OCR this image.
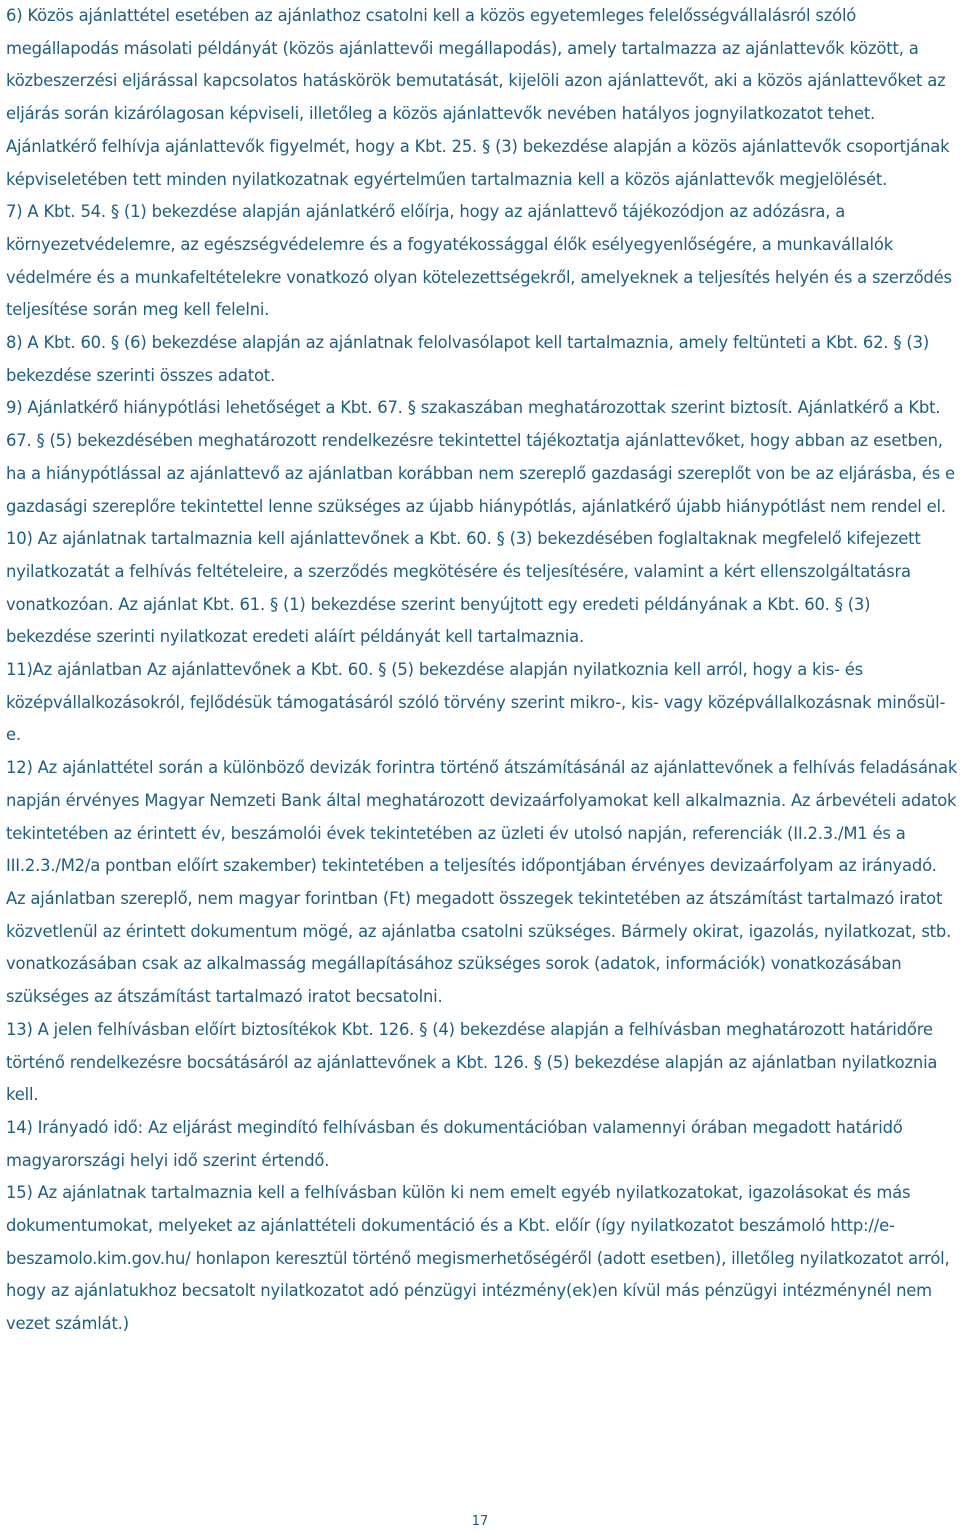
6) Közös ajánlattétel esetében az ajánlathoz csatolni kell a közös egyetemleges felelősségvállalásról szóló megállapodás másolati példányát (közös ajánlattevői megállapodás), amely tartalmazza az ajánlattevők között, a közbeszerzési eljárással kapcsolatos hatáskörök bemutatását, kijelöli azon ajánlattevőt, aki a közös ajánlattevőket az eljárás során kizárólagosan képviseli, illetőleg a közös ajánlattevők nevében hatályos jognyilatkozatot tehet. Ajánlatkérő felhívja ajánlattevők figyelmét, hogy a Kbt. 25. § (3) bekezdése alapján a közös ajánlattevők csoportjának képviseletében tett minden nyilatkozatnak egyértelműen tartalmaznia kell a közös ajánlattevők megjelölését.

7) A Kbt. 54. § (1) bekezdése alapján ajánlatkérő előírja, hogy az ajánlattevő tájékozódjon az adózásra, a környezetvédelemre, az egészségvédelemre és a fogyatékossággal élők esélyegyenlőségére, a munkavállalók védelmére és a munkafeltételekre vonatkozó olyan kötelezettségekről, amelyeknek a teljesítés helyén és a szerződés teljesítése során meg kell felelni.

8) A Kbt. 60. § (6) bekezdése alapján az ajánlatnak felolvasólapot kell tartalmaznia, amely feltünteti a Kbt. 62. § (3) bekezdése szerinti összes adatot.

9) Ajánlatkérő hiánypótlási lehetőséget a Kbt. 67. § szakaszában meghatározottak szerint biztosít. Ajánlatkérő a Kbt. 67. § (5) bekezdésében meghatározott rendelkezésre tekintettel tájékoztatja ajánlattevőket, hogy abban az esetben, ha a hiánypótlással az ajánlattevő az ajánlatban korábban nem szereplő gazdasági szereplőt von be az eljárásba, és e gazdasági szereplőre tekintettel lenne szükséges az újabb hiánypótlás, ajánlatkérő újabb hiánypótlást nem rendel el.

10) Az ajánlatnak tartalmaznia kell ajánlattevőnek a Kbt. 60. § (3) bekezdésében foglaltaknak megfelelő kifejezett nyilatkozatát a felhívás feltételeire, a szerződés megkötésére és teljesítésére, valamint a kért ellenszolgáltatásra vonatkozóan. Az ajánlat Kbt. 61. § (1) bekezdése szerint benyújtott egy eredeti példányának a Kbt. 60. § (3) bekezdése szerinti nyilatkozat eredeti aláírt példányát kell tartalmaznia.

11)Az ajánlatban Az ajánlattevőnek a Kbt. 60. § (5) bekezdése alapján nyilatkoznia kell arról, hogy a kis- és középvállalkozásokról, fejlődésük támogatásáról szóló törvény szerint mikro-, kis- vagy középvállalkozásnak minősül-e.

12) Az ajánlattétel során a különböző devizák forintra történő átszámításánál az ajánlattevőnek a felhívás feladásának napján érvényes Magyar Nemzeti Bank által meghatározott devizaárfolyamokat kell alkalmaznia. Az árbevételi adatok tekintetében az érintett év, beszámolói évek tekintetében az üzleti év utolsó napján, referenciák (II.2.3./M1 és a III.2.3./M2/a pontban előírt szakember) tekintetében a teljesítés időpontjában érvényes devizaárfolyam az irányadó. Az ajánlatban szereplő, nem magyar forintban (Ft) megadott összegek tekintetében az átszámítást tartalmazó iratot közvetlenül az érintett dokumentum mögé, az ajánlatba csatolni szükséges. Bármely okirat, igazolás, nyilatkozat, stb. vonatkozásában csak az alkalmasság megállapításához szükséges sorok (adatok, információk) vonatkozásában szükséges az átszámítást tartalmazó iratot becsatolni.

13) A jelen felhívásban előírt biztosítékok Kbt. 126. § (4) bekezdése alapján a felhívásban meghatározott határidőre történő rendelkezésre bocsátásáról az ajánlattevőnek a Kbt. 126. § (5) bekezdése alapján az ajánlatban nyilatkoznia kell.

14) Irányadó idő: Az eljárást megindító felhívásban és dokumentációban valamennyi órában megadott határidő magyarországi helyi idő szerint értendő.

15) Az ajánlatnak tartalmaznia kell a felhívásban külön ki nem emelt egyéb nyilatkozatokat, igazolásokat és más dokumentumokat, melyeket az ajánlattételi dokumentáció és a Kbt. előír (így nyilatkozatot beszámoló http://e-beszamolo.kim.gov.hu/ honlapon keresztül történő megismerhetőségéről (adott esetben), illetőleg nyilatkozatot arról, hogy az ajánlatukhoz becsatolt nyilatkozatot adó pénzügyi intézmény(ek)en kívül más pénzügyi intézménynél nem vezet számlát.)

17
